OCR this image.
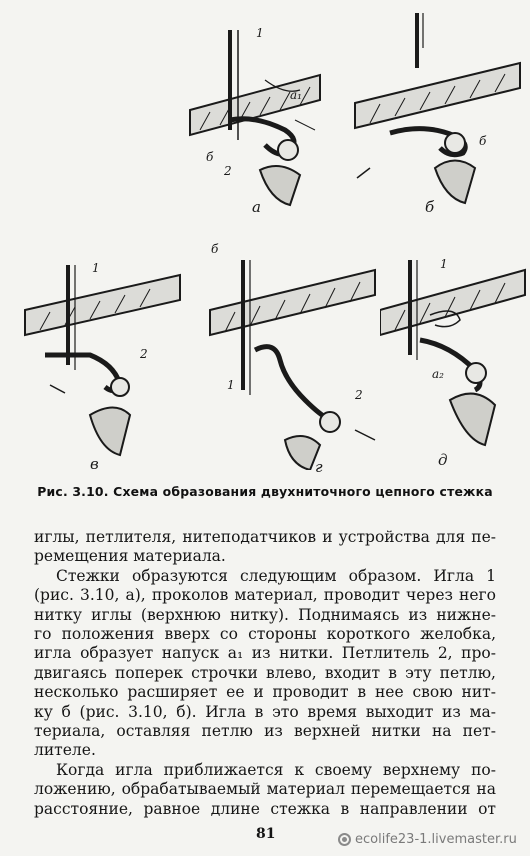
1
а₁
б
2
а
б
б
1
2
в
б
1
2
г
1
а₂
д
Рис. 3.10. Схема образования двухниточного цепного стежка
иглы, петлителя, нитеподатчиков и устройства для пе-
ремещения материала.
Стежки образуются следующим образом. Игла 1
(рис. 3.10, а), проколов материал, проводит через него
нитку иглы (верхнюю нитку). Поднимаясь из нижне-
го положения вверх со стороны короткого желобка,
игла образует напуск а₁ из нитки. Петлитель 2, про-
двигаясь поперек строчки влево, входит в эту петлю,
несколько расширяет ее и проводит в нее свою нит-
ку б (рис. 3.10, б). Игла в это время выходит из ма-
териала, оставляя петлю из верхней нитки на пет-
лителе.
Когда игла приближается к своему верхнему по-
ложению, обрабатываемый материал перемещается на
расстояние, равное длине стежка в направлении от
81	ecolife23-1.livemaster.ru
